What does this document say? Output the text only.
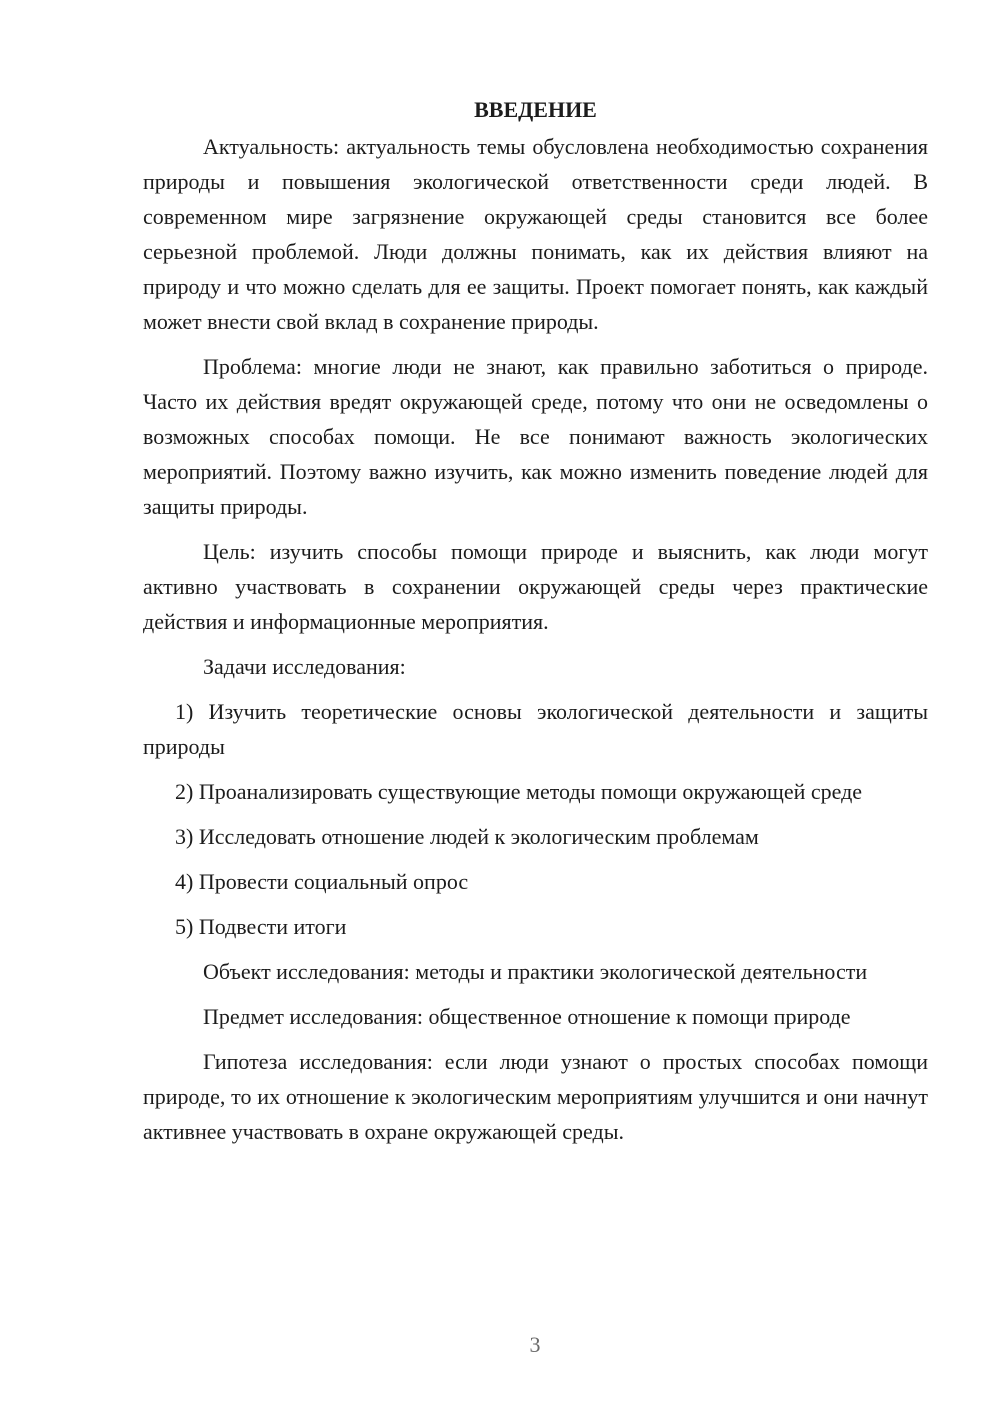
ВВЕДЕНИЕ

Актуальность: актуальность темы обусловлена необходимостью сохранения природы и повышения экологической ответственности среди людей. В современном мире загрязнение окружающей среды становится все более серьезной проблемой. Люди должны понимать, как их действия влияют на природу и что можно сделать для ее защиты. Проект помогает понять, как каждый может внести свой вклад в сохранение природы.

Проблема: многие люди не знают, как правильно заботиться о природе. Часто их действия вредят окружающей среде, потому что они не осведомлены о возможных способах помощи. Не все понимают важность экологических мероприятий. Поэтому важно изучить, как можно изменить поведение людей для защиты природы.

Цель: изучить способы помощи природе и выяснить, как люди могут активно участвовать в сохранении окружающей среды через практические действия и информационные мероприятия.

Задачи исследования:

1) Изучить теоретические основы экологической деятельности и защиты природы

2) Проанализировать существующие методы помощи окружающей среде

3) Исследовать отношение людей к экологическим проблемам

4) Провести социальный опрос

5) Подвести итоги

Объект исследования: методы и практики экологической деятельности

Предмет исследования: общественное отношение к помощи природе

Гипотеза исследования: если люди узнают о простых способах помощи природе, то их отношение к экологическим мероприятиям улучшится и они начнут активнее участвовать в охране окружающей среды.

3
